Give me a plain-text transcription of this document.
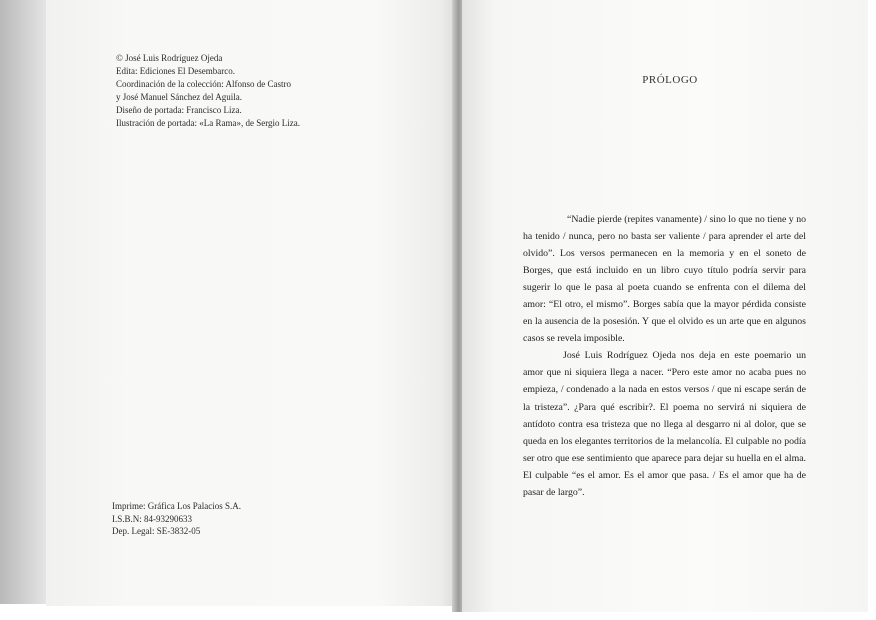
© José Luis Rodríguez Ojeda
Edita: Ediciones El Desembarco.
Coordinación de la colección: Alfonso de Castro
y José Manuel Sánchez del Aguila.
Diseño de portada: Francisco Liza.
Ilustración de portada: «La Rama», de Sergio Liza.
Imprime: Gráfica Los Palacios S.A.
I.S.B.N: 84-93290633
Dep. Legal: SE-3832-05
PRÓLOGO

“Nadie pierde (repites vanamente) / sino lo que no tiene y no ha tenido / nunca, pero no basta ser valiente / para aprender el arte del olvido”. Los versos permanecen en la memoria y en el soneto de Borges, que está incluido en un libro cuyo título podría servir para sugerir lo que le pasa al poeta cuando se enfrenta con el dilema del amor: “El otro, el mismo”. Borges sabía que la mayor pérdida consiste en la ausencia de la posesión. Y que el olvido es un arte que en algunos casos se revela imposible.

José Luis Rodríguez Ojeda nos deja en este poemario un amor que ni siquiera llega a nacer. “Pero este amor no acaba pues no empieza, / condenado a la nada en estos versos / que ni escape serán de la tristeza”. ¿Para qué escribir?. El poema no servirá ni siquiera de antídoto contra esa tristeza que no llega al desgarro ni al dolor, que se queda en los elegantes territorios de la melancolía. El culpable no podía ser otro que ese sentimiento que aparece para dejar su huella en el alma. El culpable “es el amor. Es el amor que pasa. / Es el amor que ha de pasar de largo”.
